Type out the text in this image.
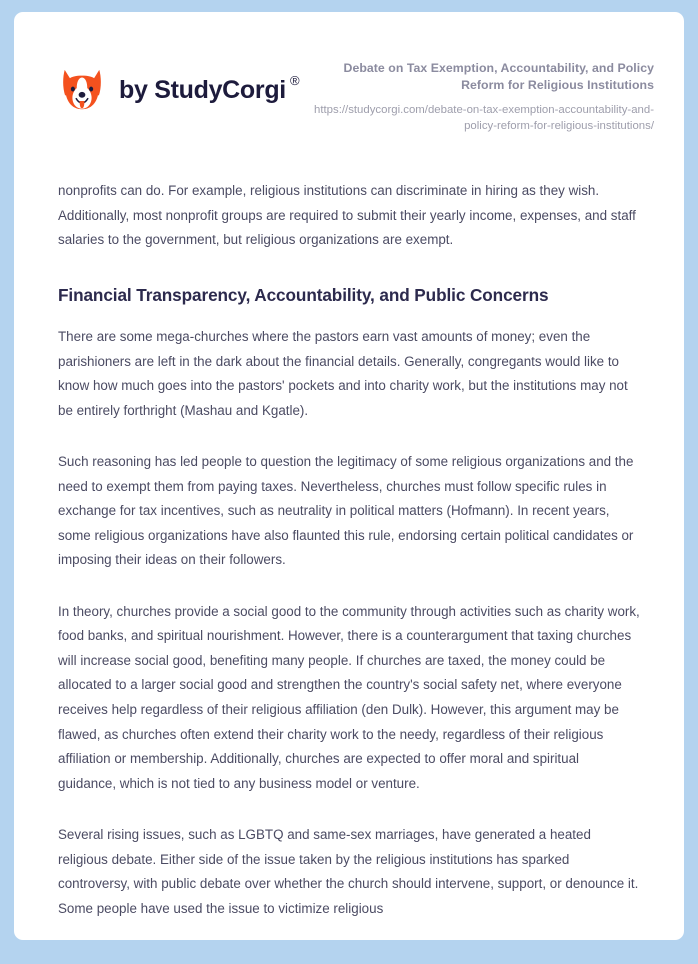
by StudyCorgi ®

Debate on Tax Exemption, Accountability, and Policy Reform for Religious Institutions

https://studycorgi.com/debate-on-tax-exemption-accountability-and-policy-reform-for-religious-institutions/

nonprofits can do. For example, religious institutions can discriminate in hiring as they wish. Additionally, most nonprofit groups are required to submit their yearly income, expenses, and staff salaries to the government, but religious organizations are exempt.

Financial Transparency, Accountability, and Public Concerns

There are some mega-churches where the pastors earn vast amounts of money; even the parishioners are left in the dark about the financial details. Generally, congregants would like to know how much goes into the pastors' pockets and into charity work, but the institutions may not be entirely forthright (Mashau and Kgatle).

Such reasoning has led people to question the legitimacy of some religious organizations and the need to exempt them from paying taxes. Nevertheless, churches must follow specific rules in exchange for tax incentives, such as neutrality in political matters (Hofmann). In recent years, some religious organizations have also flaunted this rule, endorsing certain political candidates or imposing their ideas on their followers.

In theory, churches provide a social good to the community through activities such as charity work, food banks, and spiritual nourishment. However, there is a counterargument that taxing churches will increase social good, benefiting many people. If churches are taxed, the money could be allocated to a larger social good and strengthen the country's social safety net, where everyone receives help regardless of their religious affiliation (den Dulk). However, this argument may be flawed, as churches often extend their charity work to the needy, regardless of their religious affiliation or membership. Additionally, churches are expected to offer moral and spiritual guidance, which is not tied to any business model or venture.

Several rising issues, such as LGBTQ and same-sex marriages, have generated a heated religious debate. Either side of the issue taken by the religious institutions has sparked controversy, with public debate over whether the church should intervene, support, or denounce it. Some people have used the issue to victimize religious
